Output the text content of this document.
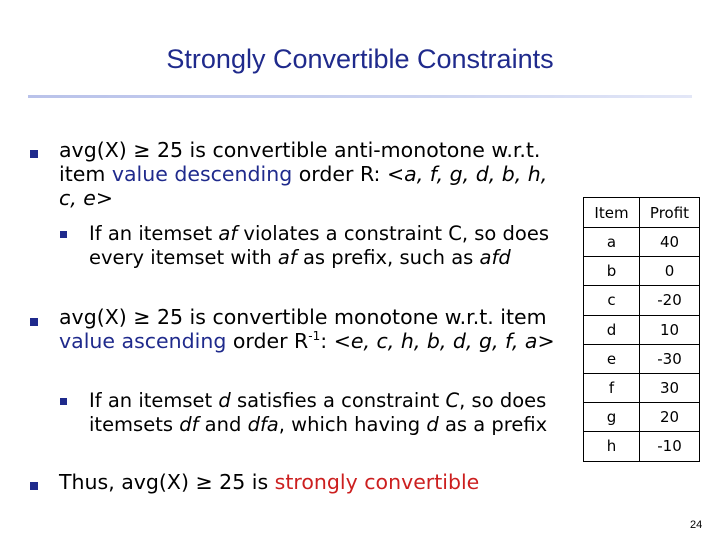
Strongly Convertible Constraints

avg(X) ≥ 25 is convertible anti-monotone w.r.t. item value descending order R: <a, f, g, d, b, h, c, e>

If an itemset af violates a constraint C, so does every itemset with af as prefix, such as afd

avg(X) ≥ 25 is convertible monotone w.r.t. item value ascending order $R^{-1}$: <e, c, h, b, d, g, f, a>

If an itemset d satisfies a constraint C, so does itemsets df and dfa, which having d as a prefix

Thus, avg(X) ≥ 25 is strongly convertible

Item	Profit
a	40
b	0
c	-20
d	10
e	-30
f	30
g	20
h	-10
24
